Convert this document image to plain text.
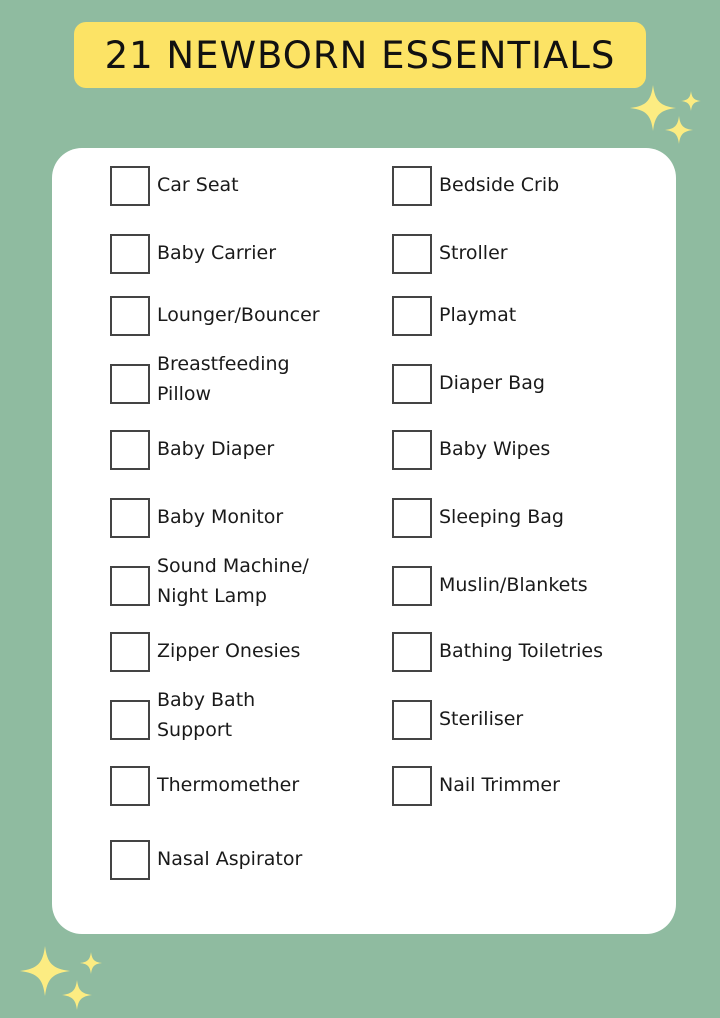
21 NEWBORN ESSENTIALS
Car Seat
Baby Carrier
Lounger/Bouncer
Breastfeeding
Pillow
Baby Diaper
Baby Monitor
Sound Machine/
Night Lamp
Zipper Onesies
Baby Bath
Support
Thermomether
Nasal Aspirator
Bedside Crib
Stroller
Playmat
Diaper Bag
Baby Wipes
Sleeping Bag
Muslin/Blankets
Bathing Toiletries
Steriliser
Nail Trimmer
